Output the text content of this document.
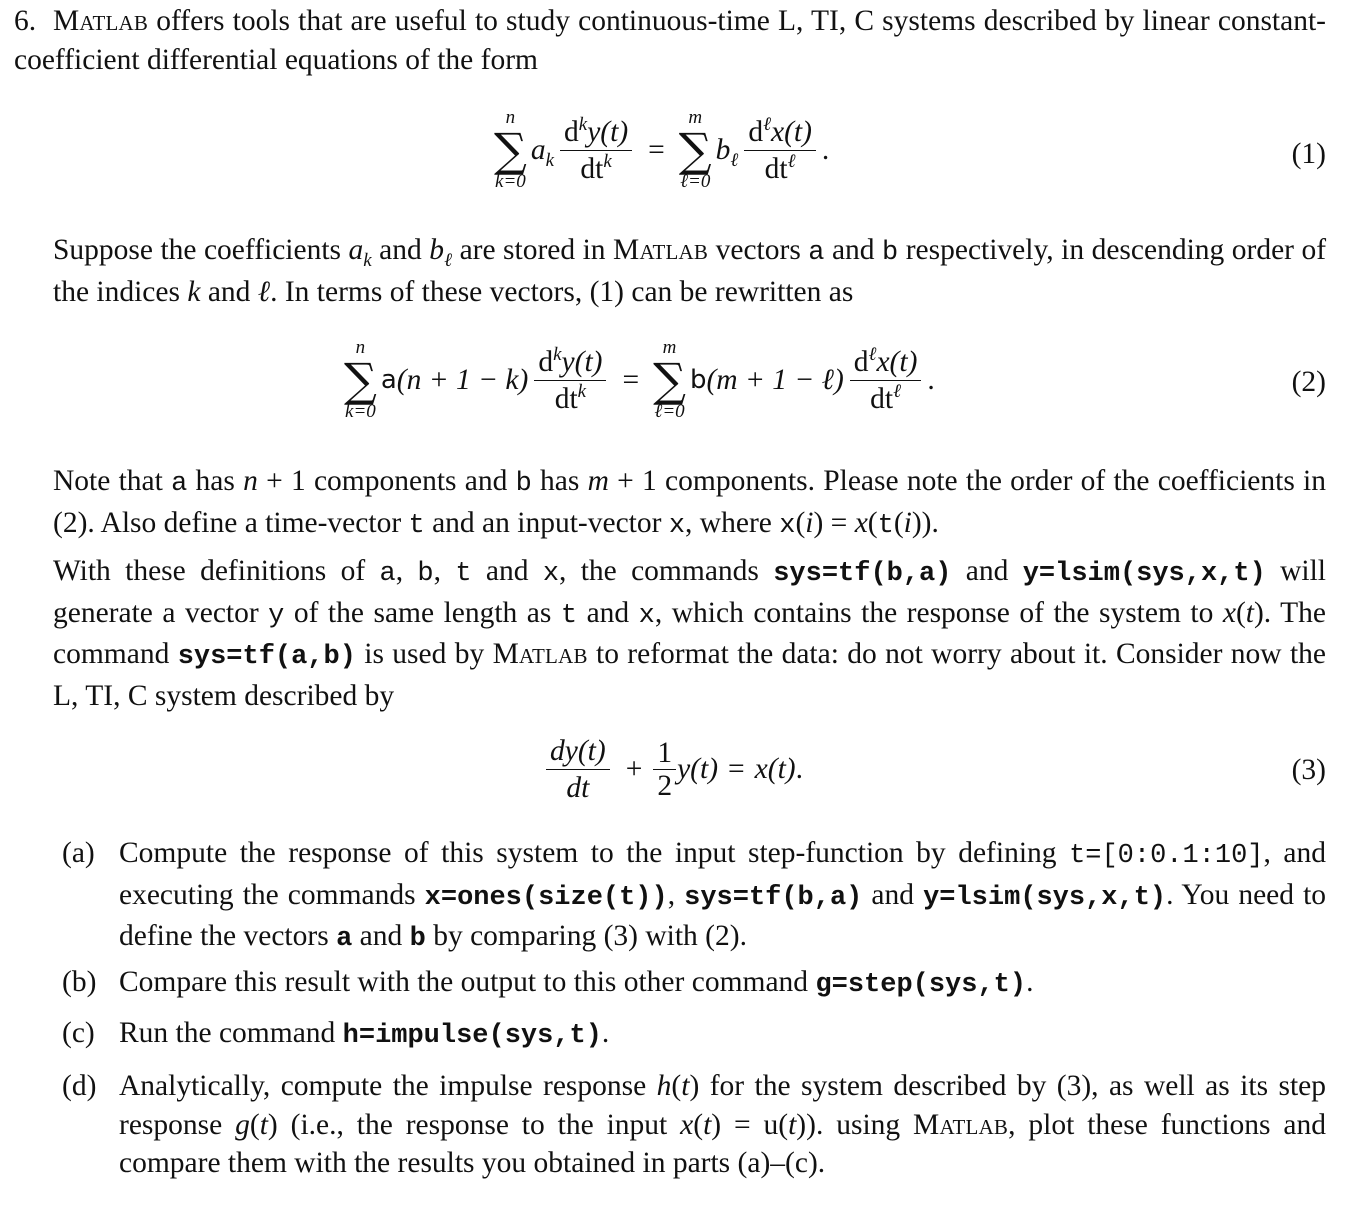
6. Matlab offers tools that are useful to study continuous-time L, TI, C systems described by linear constant-coefficient differential equations of the form
n
∑
k=0
$a_k \frac{d^ky(t)}{dt^k}$ =
m
∑
ℓ=0
$b_\ell \frac{d^\ell x(t)}{dt^\ell}$ .	(1)
Suppose the coefficients $a_k$ and $b_\ell$ are stored in Matlab vectors a and b respectively, in descending order of the indices k and ℓ. In terms of these vectors, (1) can be rewritten as
n
∑
k=0
a $(n + 1 - k) \frac{d^ky(t)}{dt^k}$ =
m
∑
ℓ=0
b (m + 1 − ℓ) $\frac{d^\ell x(t)}{dt^\ell}$ .	(2)
Note that a has n + 1 components and b has m + 1 components. Please note the order of the coefficients in (2). Also define a time-vector t and an input-vector x, where x(i) = x(t(i)).
With these definitions of a, b, t and x, the commands sys=tf(b,a) and y=lsim(sys,x,t) will generate a vector y of the same length as t and x, which contains the response of the system to x(t). The command sys=tf(a,b) is used by Matlab to reformat the data: do not worry about it. Consider now the L, TI, C system described by
$\frac{dy(t)}{dt} + \frac{1}{2} y(t) = x(t)$ .	(3)
(a) Compute the response of this system to the input step-function by defining t=[0:0.1:10], and executing the commands x=ones(size(t)), sys=tf(b,a) and y=lsim(sys,x,t). You need to define the vectors a and b by comparing (3) with (2).
(b) Compare this result with the output to this other command g=step(sys,t).
(c) Run the command h=impulse(sys,t).
(d) Analytically, compute the impulse response h(t) for the system described by (3), as well as its step response g(t) (i.e., the response to the input x(t) = u(t)). using Matlab, plot these functions and compare them with the results you obtained in parts (a)–(c).
